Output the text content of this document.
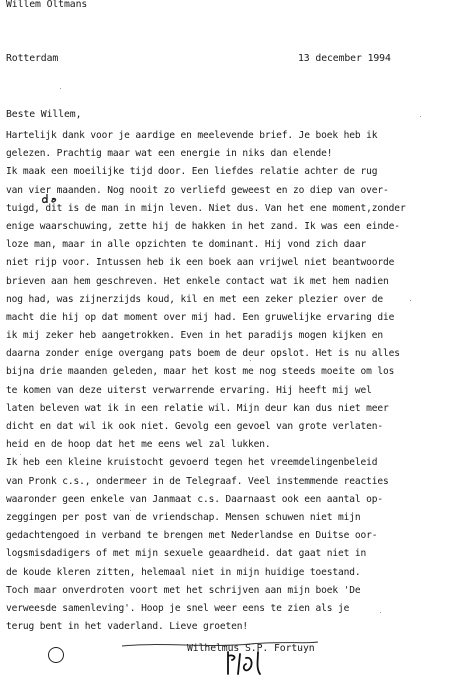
Willem Oltmans
Rotterdam	13 december 1994
Beste Willem,
Hartelijk dank voor je aardige en meelevende brief. Je boek heb ik
gelezen. Prachtig maar wat een energie in niks dan elende!
Ik maak een moeilijke tijd door. Een liefdes relatie achter de rug
van vier maanden. Nog nooit zo verliefd geweest en zo diep van over-
tuigd, dit is de man in mijn leven. Niet dus. Van het ene moment,zonder
enige waarschuwing, zette hij de hakken in het zand. Ik was een einde-
loze man, maar in alle opzichten te dominant. Hij vond zich daar
niet rijp voor. Intussen heb ik een boek aan vrijwel niet beantwoorde
brieven aan hem geschreven. Het enkele contact wat ik met hem nadien
nog had, was zijnerzijds koud, kil en met een zeker plezier over de
macht die hij op dat moment over mij had. Een gruwelijke ervaring die
ik mij zeker heb aangetrokken. Even in het paradijs mogen kijken en
daarna zonder enige overgang pats boem de deur opslot. Het is nu alles
bijna drie maanden geleden, maar het kost me nog steeds moeite om los
te komen van deze uiterst verwarrende ervaring. Hij heeft mij wel
laten beleven wat ik in een relatie wil. Mijn deur kan dus niet meer
dicht en dat wil ik ook niet. Gevolg een gevoel van grote verlaten-
heid en de hoop dat het me eens wel zal lukken.
Ik heb een kleine kruistocht gevoerd tegen het vreemdelingenbeleid
van Pronk c.s., ondermeer in de Telegraaf. Veel instemmende reacties
waaronder geen enkele van Janmaat c.s. Daarnaast ook een aantal op-
zeggingen per post van de vriendschap. Mensen schuwen niet mijn
gedachtengoed in verband te brengen met Nederlandse en Duitse oor-
logsmisdadigers of met mijn sexuele geaardheid. dat gaat niet in
de koude kleren zitten, helemaal niet in mijn huidige toestand.
Toch maar onverdroten voort met het schrijven aan mijn boek 'De
verweesde samenleving'. Hoop je snel weer eens te zien als je
terug bent in het vaderland. Lieve groeten!
Wilhelmus S.P. Fortuyn
